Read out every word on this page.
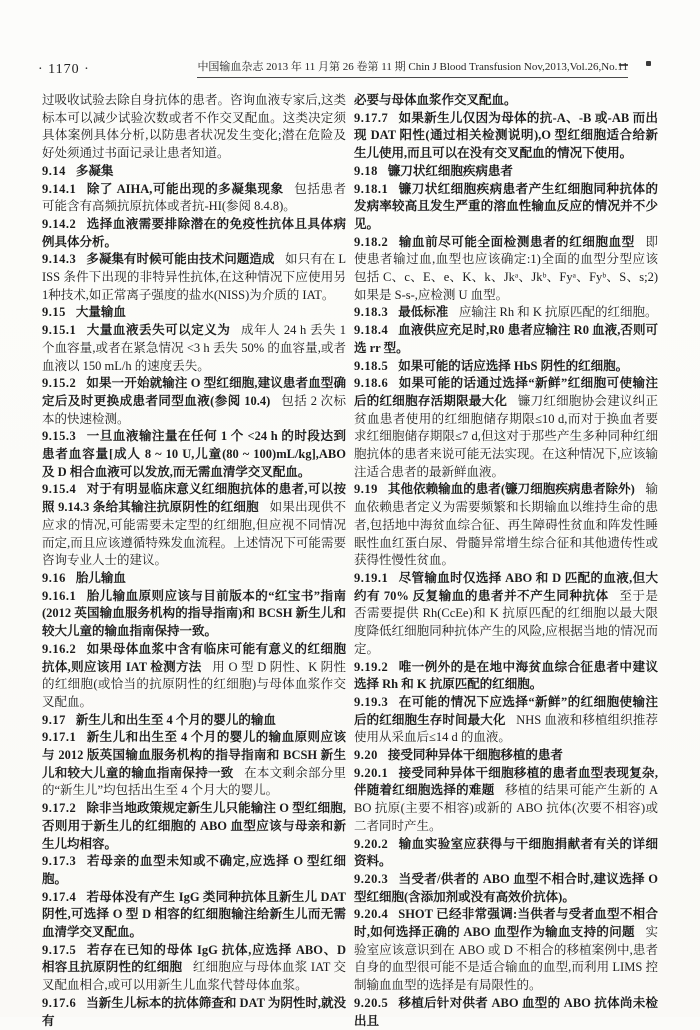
· 1170 ·	中国输血杂志 2013 年 11 月第 26 卷第 11 期 Chin J Blood Transfusion Nov,2013,Vol.26,No.11

过吸收试验去除自身抗体的患者。咨询血液专家后,这类标本可以减少试验次数或者不作交叉配血。这类决定须具体案例具体分析,以防患者状况发生变化;潜在危险及好处须通过书面记录让患者知道。

9.14 多凝集

9.14.1 除了 AIHA,可能出现的多凝集现象 包括患者可能含有高频抗原抗体或者抗-HI(参阅 8.4.8)。

9.14.2 选择血液需要排除潜在的免疫性抗体且具体病例具体分析。

9.14.3 多凝集有时候可能由技术问题造成 如只有在 LISS 条件下出现的非特异性抗体,在这种情况下应使用另1种技术,如正常离子强度的盐水(NISS)为介质的 IAT。

9.15 大量输血

9.15.1 大量血液丢失可以定义为 成年人 24 h 丢失 1 个血容量,或者在紧急情况 <3 h 丢失 50% 的血容量,或者血液以 150 mL/h 的速度丢失。

9.15.2 如果一开始就输注 O 型红细胞,建议患者血型确定后及时更换成患者同型血液(参阅 10.4) 包括 2 次标本的快速检测。

9.15.3 一旦血液输注量在任何 1 个 <24 h 的时段达到患者血容量[成人 8 ~ 10 U,儿童(80 ~ 100)mL/kg],ABO 及 D 相合血液可以发放,而无需血清学交叉配血。

9.15.4 对于有明显临床意义红细胞抗体的患者,可以按照 9.14.3 条给其输注抗原阴性的红细胞 如果出现供不应求的情况,可能需要未定型的红细胞,但应视不同情况而定,而且应该遵循特殊发血流程。上述情况下可能需要咨询专业人士的建议。

9.16 胎儿输血

9.16.1 胎儿输血原则应该与目前版本的“红宝书”指南(2012 英国输血服务机构的指导指南)和 BCSH 新生儿和较大儿童的输血指南保持一致。

9.16.2 如果母体血浆中含有临床可能有意义的红细胞抗体,则应该用 IAT 检测方法 用 O 型 D 阴性、K 阴性的红细胞(或恰当的抗原阴性的红细胞)与母体血浆作交叉配血。

9.17 新生儿和出生至 4 个月的婴儿的输血

9.17.1 新生儿和出生至 4 个月的婴儿的输血原则应该与 2012 版英国输血服务机构的指导指南和 BCSH 新生儿和较大儿童的输血指南保持一致 在本文剩余部分里的“新生儿”均包括出生至 4 个月大的婴儿。

9.17.2 除非当地政策规定新生儿只能输注 O 型红细胞,否则用于新生儿的红细胞的 ABO 血型应该与母亲和新生儿均相容。

9.17.3 若母亲的血型未知或不确定,应选择 O 型红细胞。

9.17.4 若母体没有产生 IgG 类同种抗体且新生儿 DAT 阴性,可选择 O 型 D 相容的红细胞输注给新生儿而无需血清学交叉配血。

9.17.5 若存在已知的母体 IgG 抗体,应选择 ABO、D 相容且抗原阴性的红细胞 红细胞应与母体血浆 IAT 交叉配血相合,或可以用新生儿血浆代替母体血浆。

9.17.6 当新生儿标本的抗体筛查和 DAT 为阴性时,就没有

必要与母体血浆作交叉配血。

9.17.7 如果新生儿仅因为母体的抗-A、-B 或-AB 而出现 DAT 阳性(通过相关检测说明),O 型红细胞适合给新生儿使用,而且可以在没有交叉配血的情况下使用。

9.18 镰刀状红细胞疾病患者

9.18.1 镰刀状红细胞疾病患者产生红细胞同种抗体的发病率较高且发生严重的溶血性输血反应的情况并不少见。

9.18.2 输血前尽可能全面检测患者的红细胞血型 即使患者输过血,血型也应该确定:1)全面的血型分型应该包括 C、c、E、e、K、k、Jkᵃ、Jkᵇ、Fyᵃ、Fyᵇ、S、s;2)如果是 S-s-,应检测 U 血型。

9.18.3 最低标准 应输注 Rh 和 K 抗原匹配的红细胞。

9.18.4 血液供应充足时,R0 患者应输注 R0 血液,否则可选 rr 型。

9.18.5 如果可能的话应选择 HbS 阴性的红细胞。

9.18.6 如果可能的话通过选择“新鲜”红细胞可使输注后的红细胞存活期限最大化 镰刀红细胞协会建议纠正贫血患者使用的红细胞储存期限≤10 d,而对于换血者要求红细胞储存期限≤7 d,但这对于那些产生多种同种红细胞抗体的患者来说可能无法实现。在这种情况下,应该输注适合患者的最新鲜血液。

9.19 其他依赖输血的患者(镰刀细胞疾病患者除外) 输血依赖患者定义为需要频繁和长期输血以维持生命的患者,包括地中海贫血综合征、再生障碍性贫血和阵发性睡眠性血红蛋白尿、骨髓异常增生综合征和其他遗传性或获得性慢性贫血。

9.19.1 尽管输血时仅选择 ABO 和 D 匹配的血液,但大约有 70% 反复输血的患者并不产生同种抗体 至于是否需要提供 Rh(CcEe)和 K 抗原匹配的红细胞以最大限度降低红细胞同种抗体产生的风险,应根据当地的情况而定。

9.19.2 唯一例外的是在地中海贫血综合征患者中建议选择 Rh 和 K 抗原匹配的红细胞。

9.19.3 在可能的情况下应选择“新鲜”的红细胞使输注后的红细胞生存时间最大化 NHS 血液和移植组织推荐使用从采血后≤14 d 的血液。

9.20 接受同种异体干细胞移植的患者

9.20.1 接受同种异体干细胞移植的患者血型表现复杂,伴随着红细胞选择的难题 移植的结果可能产生新的 ABO 抗原(主要不相容)或新的 ABO 抗体(次要不相容)或二者同时产生。

9.20.2 输血实验室应获得与干细胞捐献者有关的详细资料。

9.20.3 当受者/供者的 ABO 血型不相合时,建议选择 O 型红细胞(含添加剂或没有高效价抗体)。

9.20.4 SHOT 已经非常强调:当供者与受者血型不相合时,如何选择正确的 ABO 血型作为输血支持的问题 实验室应该意识到在 ABO 或 D 不相合的移植案例中,患者自身的血型很可能不是适合输血的血型,而利用 LIMS 控制输血血型的选择是有局限性的。

9.20.5 移植后针对供者 ABO 血型的 ABO 抗体尚未检出且
